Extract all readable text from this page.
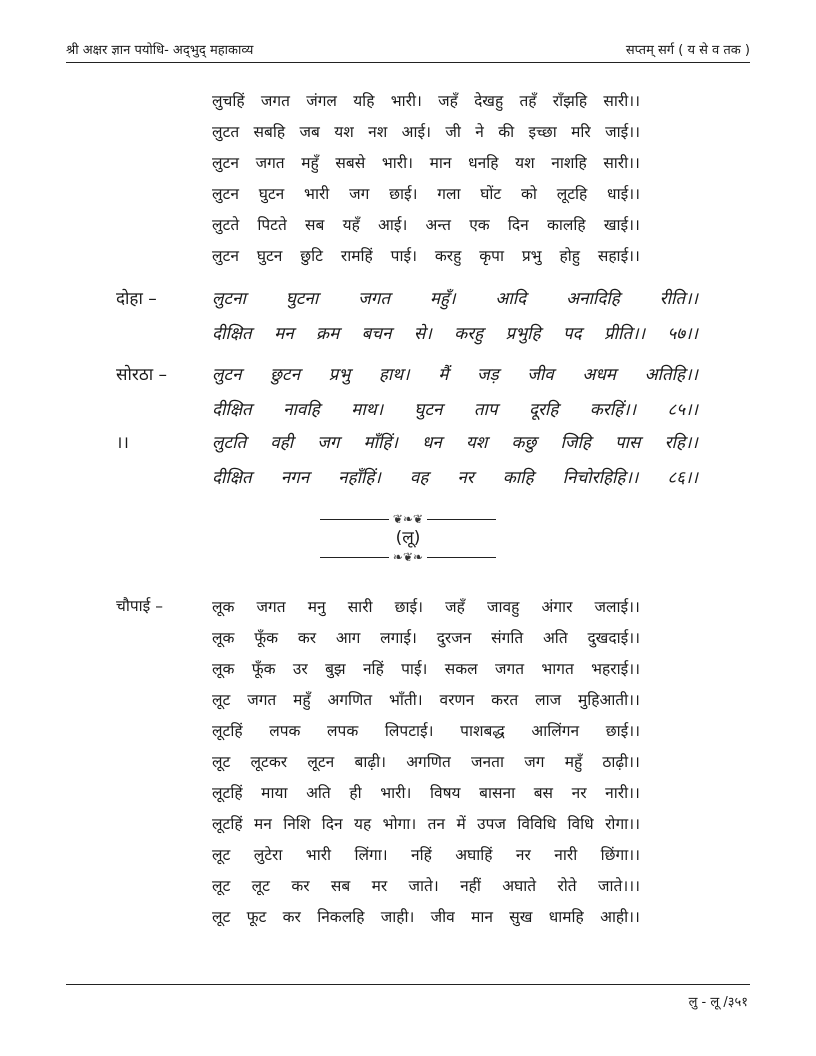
श्री अक्षर ज्ञान पयोधि- अद्‌भुद्‌ महाकाव्य	सप्तम्‌ सर्ग ( य से व तक )
लुचहिं जगत जंगल यहि भारी। जहँ देखहु तहँ राँझहि सारी।।
लुटत सबहि जब यश नश आई। जी ने की इच्छा मरि जाई।।
लुटन जगत महुँ सबसे भारी। मान धनहि यश नाशहि सारी।।
लुटन घुटन भारी जग छाई। गला घोंट को लूटहि धाई।।
लुटते पिटते सब यहँ आई। अन्त एक दिन कालहि खाई।।
लुटन घुटन छुटि रामहिं पाई। करहु कृपा प्रभु होहु सहाई।।
दोहा –	लुटना घुटना जगत महुँ। आदि अनादिहि रीति।।
दीक्षित मन क्रम बचन से। करहु प्रभुहि पद प्रीति।। ५७।।
सोरठा –	लुटन छुटन प्रभु हाथ। मैं जड़ जीव अधम अतिहि।।
दीक्षित नावहि माथ। घुटन ताप दूरहि करहिं।। ८५।।
।।	लुटति वही जग माँहिं। धन यश कछु जिहि पास रहि।।
दीक्षित नगन नहाँहिं। वह नर काहि निचोरहिहि।। ८६।।
❦❧❦
(लू)
❧❦❧
चौपाई –	लूक जगत मनु सारी छाई। जहँ जावहु अंगार जलाई।।
लूक फूँक कर आग लगाई। दुरजन संगति अति दुखदाई।।
लूक फूँक उर बुझ नहिं पाई। सकल जगत भागत भहराई।।
लूट जगत महुँ अगणित भाँती। वरणन करत लाज मुहिआती।।
लूटहिं लपक लपक लिपटाई। पाशबद्ध आलिंगन छाई।।
लूट लूटकर लूटन बाढ़ी। अगणित जनता जग महुँ ठाढ़ी।।
लूटहिं माया अति ही भारी। विषय बासना बस नर नारी।।
लूटहिं मन निशि दिन यह भोगा। तन में उपज विविधि विधि रोगा।।
लूट लुटेरा भारी लिंगा। नहिं अघाहिं नर नारी छिंगा।।
लूट लूट कर सब मर जाते। नहीं अघाते रोते जाते।।।
लूट फूट कर निकलहि जाही। जीव मान सुख धामहि आही।।
लु - लू /३५१
